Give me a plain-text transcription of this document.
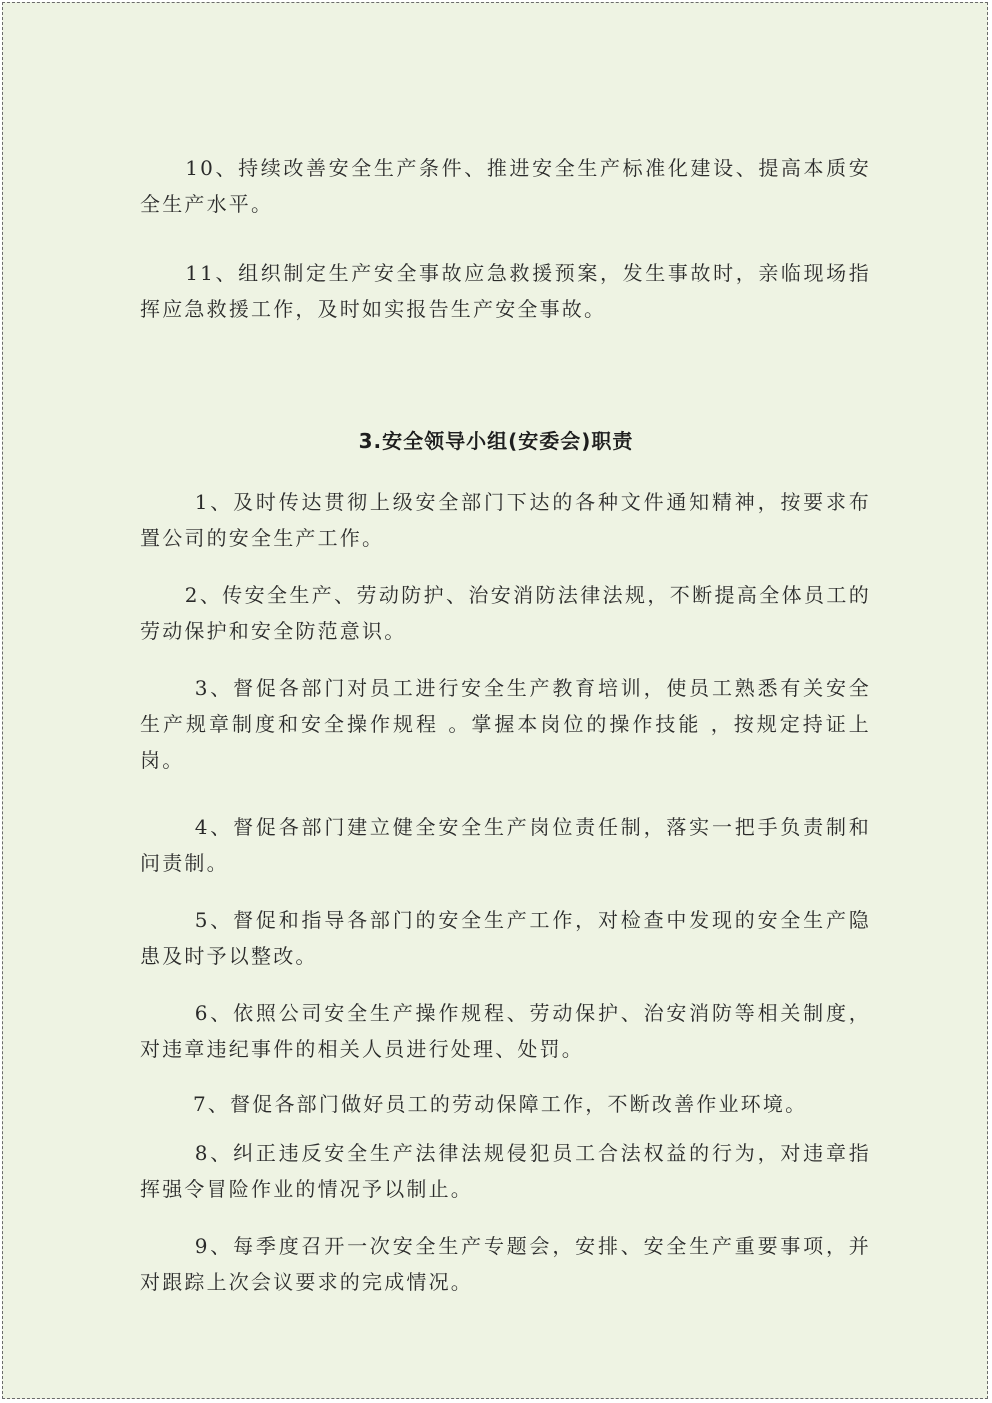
　　10、持续改善安全生产条件、推进安全生产标准化建设、提高本质安全生产水平。

　　11、组织制定生产安全事故应急救援预案，发生事故时，亲临现场指挥应急救援工作，及时如实报告生产安全事故。

3.安全领导小组(安委会)职责

　　 1、及时传达贯彻上级安全部门下达的各种文件通知精神，按要求布置公司的安全生产工作。

　　2、传安全生产、劳动防护、治安消防法律法规，不断提高全体员工的劳动保护和安全防范意识。

　　 3、督促各部门对员工进行安全生产教育培训，使员工熟悉有关安全生产规章制度和安全操作规程 。掌握本岗位的操作技能 ，按规定持证上岗。

　　 4、督促各部门建立健全安全生产岗位责任制，落实一把手负责制和问责制。

　　 5、督促和指导各部门的安全生产工作，对检查中发现的安全生产隐患及时予以整改。

　　 6、依照公司安全生产操作规程、劳动保护、治安消防等相关制度，对违章违纪事件的相关人员进行处理、处罚。

　　 7、督促各部门做好员工的劳动保障工作，不断改善作业环境。

　　 8、纠正违反安全生产法律法规侵犯员工合法权益的行为，对违章指挥强令冒险作业的情况予以制止。

　　 9、每季度召开一次安全生产专题会，安排、安全生产重要事项，并对跟踪上次会议要求的完成情况。
